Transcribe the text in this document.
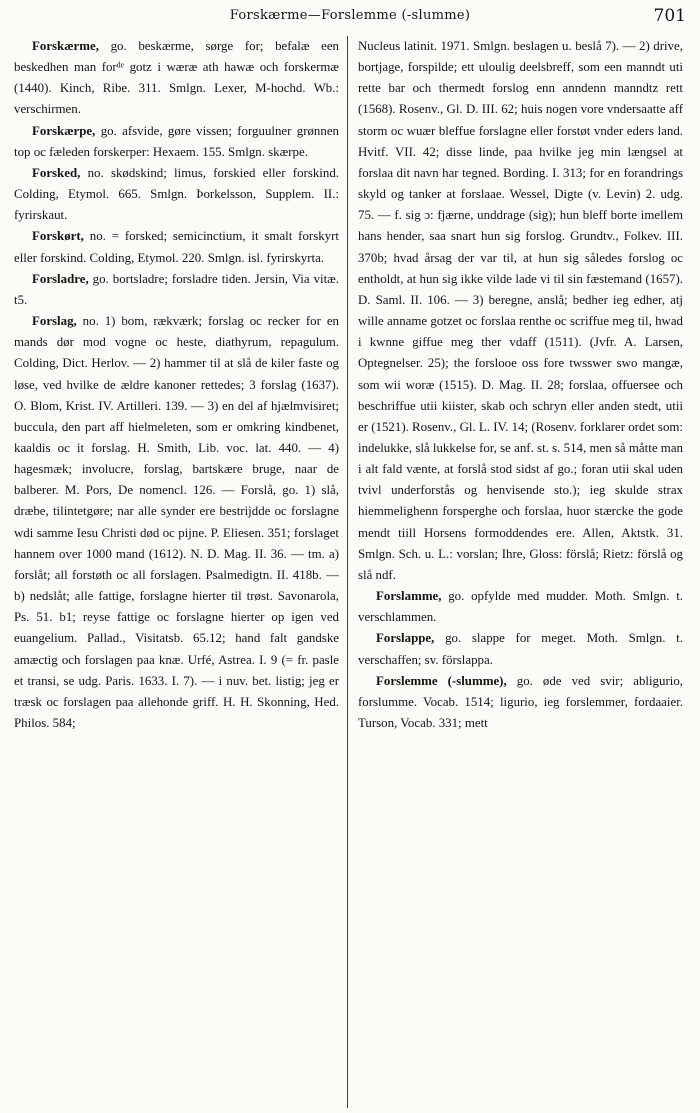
Forskærme—Forslemme (-slumme)	701

Forskærme, go. beskærme, sørge for; befalæ een beskedhen man forᵈᵉ gotz i wæræ ath hawæ och forskermæ (1440). Kinch, Ribe. 311. Smlgn. Lexer, M-hochd. Wb.: verschirmen.

Forskærpe, go. afsvide, gøre vissen; forguulner grønnen top oc fæleden forskerper: Hexaem. 155. Smlgn. skærpe.

Forsked, no. skødskind; limus, forskied eller forskind. Colding, Etymol. 665. Smlgn. Þorkelsson, Supplem. II.: fyrirskaut.

Forskørt, no. = forsked; semicinctium, it smalt forskyrt eller forskind. Colding, Etymol. 220. Smlgn. isl. fyrirskyrta.

Forsladre, go. bortsladre; forsladre tiden. Jersin, Via vitæ. t5.

Forslag, no. 1) bom, rækværk; forslag oc recker for en mands dør mod vogne oc heste, diathyrum, repagulum. Colding, Dict. Herlov. — 2) hammer til at slå de kiler faste og løse, ved hvilke de ældre kanoner rettedes; 3 forslag (1637). O. Blom, Krist. IV. Artilleri. 139. — 3) en del af hjælmvisiret; buccula, den part aff hielmeleten, som er omkring kindbenet, kaaldis oc it forslag. H. Smith, Lib. voc. lat. 440. — 4) hagesmæk; involucre, forslag, bartskære bruge, naar de balberer. M. Pors, De nomencl. 126. — Forslå, go. 1) slå, dræbe, tilintetgøre; nar alle synder ere bestrijdde oc forslagne wdi samme Iesu Christi død oc pijne. P. Eliesen. 351; forslaget hannem over 1000 mand (1612). N. D. Mag. II. 36. — tm. a) forslåt; all forstøth oc all forslagen. Psalmedigtn. II. 418b. — b) nedslåt; alle fattige, forslagne hierter til trøst. Savonarola, Ps. 51. b1; reyse fattige oc forslagne hierter op igen ved euangelium. Pallad., Visitatsb. 65.12; hand falt gandske amæctig och forslagen paa knæ. Urfé, Astrea. I. 9 (= fr. pasle et transi, se udg. Paris. 1633. I. 7). — i nuv. bet. listig; jeg er træsk oc forslagen paa allehonde griff. H. H. Skonning, Hed. Philos. 584;

Nucleus latinit. 1971. Smlgn. beslagen u. beslå 7). — 2) drive, bortjage, forspilde; ett uloulig deelsbreff, som een manndt uti rette bar och thermedt forslog enn anndenn manndtz rett (1568). Rosenv., Gl. D. III. 62; huis nogen vore vndersaatte aff storm oc wuær bleffue forslagne eller forstøt vnder eders land. Hvitf. VII. 42; disse linde, paa hvilke jeg min længsel at forslaa dit navn har tegned. Bording. I. 313; for en forandrings skyld og tanker at forslaae. Wessel, Digte (v. Levin) 2. udg. 75. — f. sig ɔ: fjærne, unddrage (sig); hun bleff borte imellem hans hender, saa snart hun sig forslog. Grundtv., Folkev. III. 370b; hvad årsag der var til, at hun sig således forslog oc entholdt, at hun sig ikke vilde lade vi til sin fæstemand (1657). D. Saml. II. 106. — 3) beregne, anslå; bedher ieg edher, atj wille anname gotzet oc forslaa renthe oc scriffue meg til, hwad i kwnne giffue meg ther vdaff (1511). (Jvfr. A. Larsen, Optegnelser. 25); the forslooe oss fore twsswer swo mangæ, som wii woræ (1515). D. Mag. II. 28; forslaa, offuersee och beschriffue utii kiister, skab och schryn eller anden stedt, utii er (1521). Rosenv., Gl. L. IV. 14; (Rosenv. forklarer ordet som: indelukke, slå lukkelse for, se anf. st. s. 514, men så måtte man i alt fald vænte, at forslå stod sidst af go.; foran utii skal uden tvivl underforstås og henvisende sto.); ieg skulde strax hiemmelighenn forsperghe och forslaa, huor stærcke the gode mendt tiill Horsens formoddendes ere. Allen, Aktstk. 31. Smlgn. Sch. u. L.: vorslan; Ihre, Gloss: förslå; Rietz: förslå og slå ndf.

Forslamme, go. opfylde med mudder. Moth. Smlgn. t. verschlammen.

Forslappe, go. slappe for meget. Moth. Smlgn. t. verschaffen; sv. förslappa.

Forslemme (-slumme), go. øde ved svir; abligurio, forslumme. Vocab. 1514; ligurio, ieg forslemmer, fordaaier. Turson, Vocab. 331; mett
